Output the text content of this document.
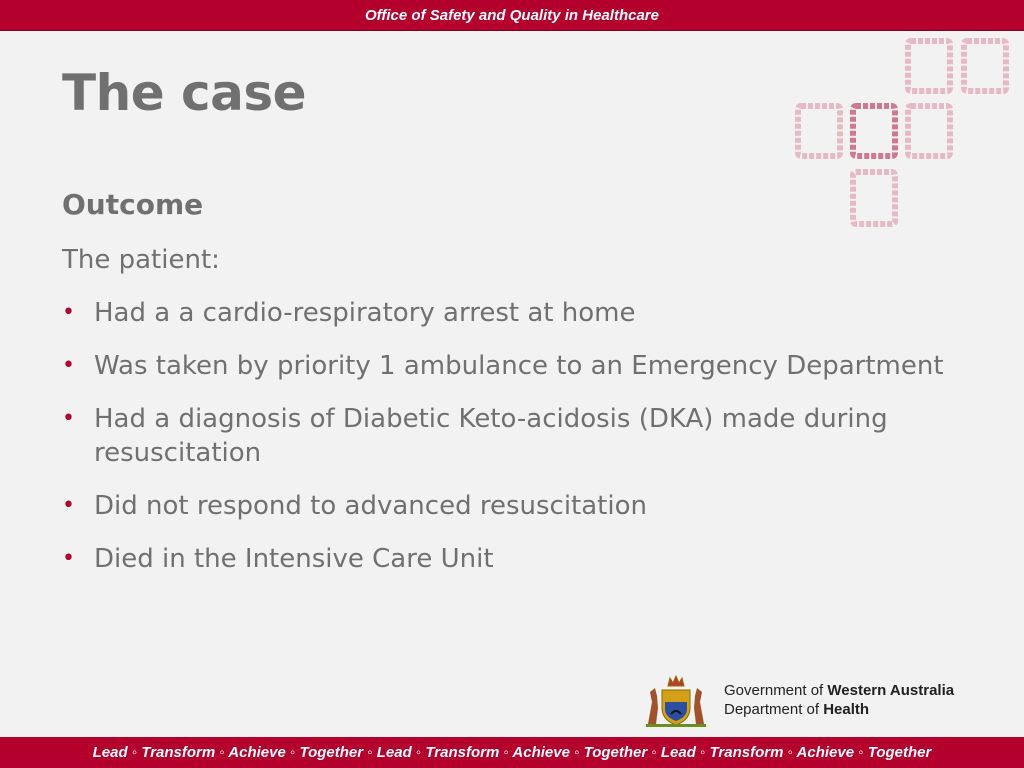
Office of Safety and Quality in Healthcare
The case
Outcome

The patient:

• Had a a cardio-respiratory arrest at home
• Was taken by priority 1 ambulance to an Emergency Department
• Had a diagnosis of Diabetic Keto-acidosis (DKA) made during resuscitation
• Did not respond to advanced resuscitation
• Died in the Intensive Care Unit
Government of Western Australia
Department of Health
Lead ◦ Transform ◦ Achieve ◦ Together ◦ Lead ◦ Transform ◦ Achieve ◦ Together ◦ Lead ◦ Transform ◦ Achieve ◦ Together
